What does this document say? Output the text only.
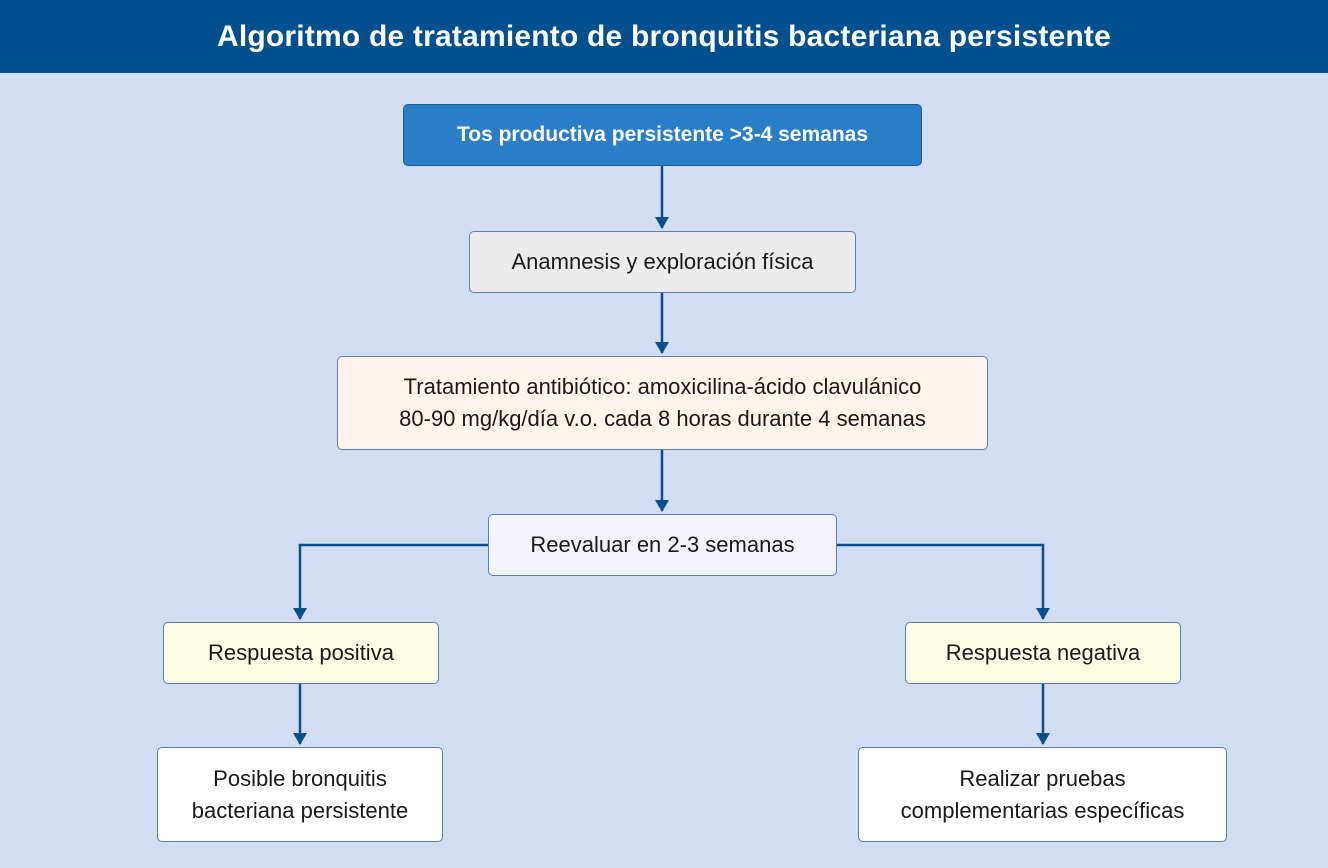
Algoritmo de tratamiento de bronquitis bacteriana persistente
Tos productiva persistente >3-4 semanas
Anamnesis y exploración física
Tratamiento antibiótico: amoxicilina-ácido clavulánico
80-90 mg/kg/día v.o. cada 8 horas durante 4 semanas
Reevaluar en 2-3 semanas
Respuesta positiva	Respuesta negativa
Posible bronquitis
bacteriana persistente
Realizar pruebas
complementarias específicas
